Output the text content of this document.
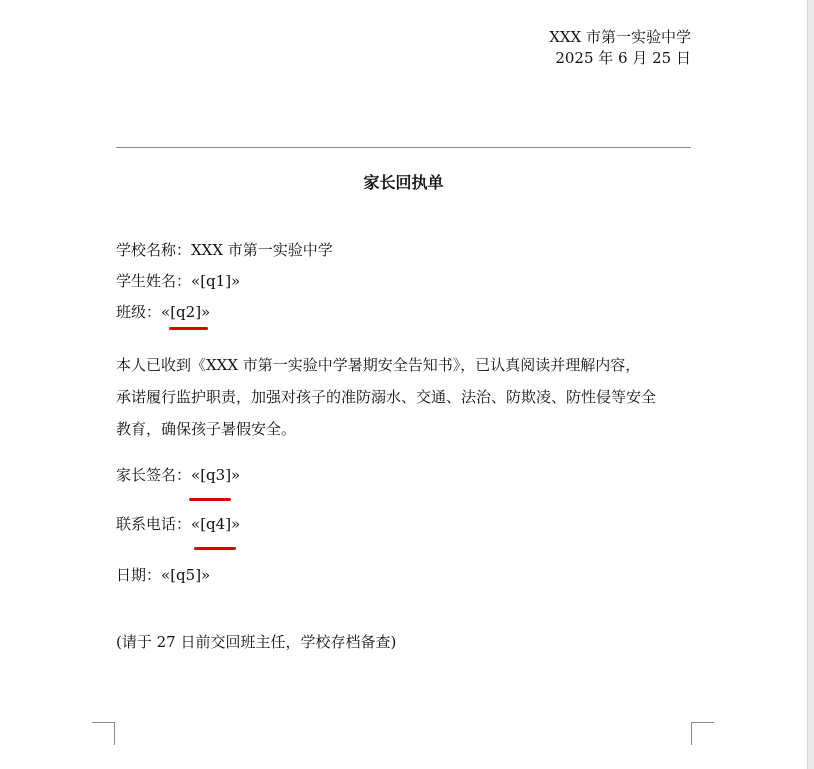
XXX 市第一实验中学
2025 年 6 月 25 日
家长回执单
学校名称：XXX 市第一实验中学
学生姓名：«[q1]»
班级：«[q2]»
本人已收到《XXX 市第一实验中学暑期安全告知书》，已认真阅读并理解内容，
承诺履行监护职责，加强对孩子的准防溺水、交通、法治、防欺凌、防性侵等安全
教育，确保孩子暑假安全。
家长签名：«[q3]»
联系电话：«[q4]»
日期：«[q5]»
(请于 27 日前交回班主任，学校存档备查)
